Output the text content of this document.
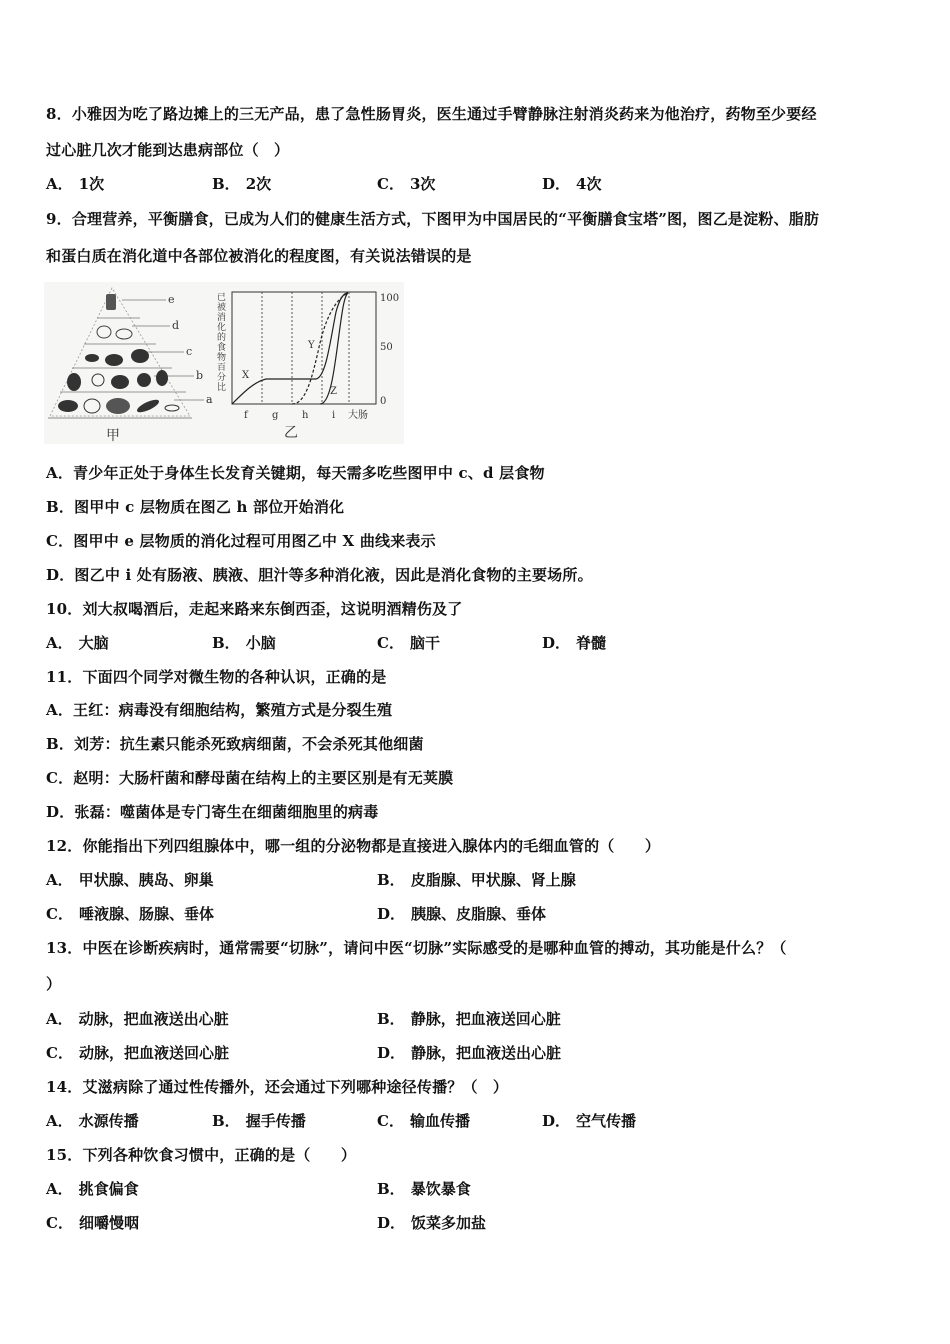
8．小雅因为吃了路边摊上的三无产品，患了急性肠胃炎，医生通过手臂静脉注射消炎药来为他治疗，药物至少要经
过心脏几次才能到达患病部位（　）
A． 1次	B． 2次	C． 3次	D． 4次
9．合理营养，平衡膳食，已成为人们的健康生活方式，下图甲为中国居民的“平衡膳食宝塔”图，图乙是淀粉、脂肪
和蛋白质在消化道中各部位被消化的程度图，有关说法错误的是
e
d
c
b
a
甲
已被消化的食物百分比 X
Y
Z
100
50
0
f g h i 大肠
乙
A．青少年正处于身体生长发育关键期，每天需多吃些图甲中 c、d 层食物
B．图甲中 c 层物质在图乙 h 部位开始消化
C．图甲中 e 层物质的消化过程可用图乙中 X 曲线来表示
D．图乙中 i 处有肠液、胰液、胆汁等多种消化液，因此是消化食物的主要场所。
10．刘大叔喝酒后，走起来路来东倒西歪，这说明酒精伤及了
A． 大脑	B． 小脑	C． 脑干	D． 脊髓
11．下面四个同学对微生物的各种认识，正确的是
A．王红：病毒没有细胞结构，繁殖方式是分裂生殖
B．刘芳：抗生素只能杀死致病细菌，不会杀死其他细菌
C．赵明：大肠杆菌和酵母菌在结构上的主要区别是有无荚膜
D．张磊：噬菌体是专门寄生在细菌细胞里的病毒
12．你能指出下列四组腺体中，哪一组的分泌物都是直接进入腺体内的毛细血管的（　　）
A． 甲状腺、胰岛、卵巢	B． 皮脂腺、甲状腺、肾上腺
C． 唾液腺、肠腺、垂体	D． 胰腺、皮脂腺、垂体
13．中医在诊断疾病时，通常需要“切脉”，请问中医“切脉”实际感受的是哪种血管的搏动，其功能是什么？（
）
A． 动脉，把血液送出心脏	B． 静脉，把血液送回心脏
C． 动脉，把血液送回心脏	D． 静脉，把血液送出心脏
14．艾滋病除了通过性传播外，还会通过下列哪种途径传播？（　）
A． 水源传播	B． 握手传播	C． 输血传播	D． 空气传播
15．下列各种饮食习惯中，正确的是（　　）
A． 挑食偏食	B． 暴饮暴食
C． 细嚼慢咽	D． 饭菜多加盐
